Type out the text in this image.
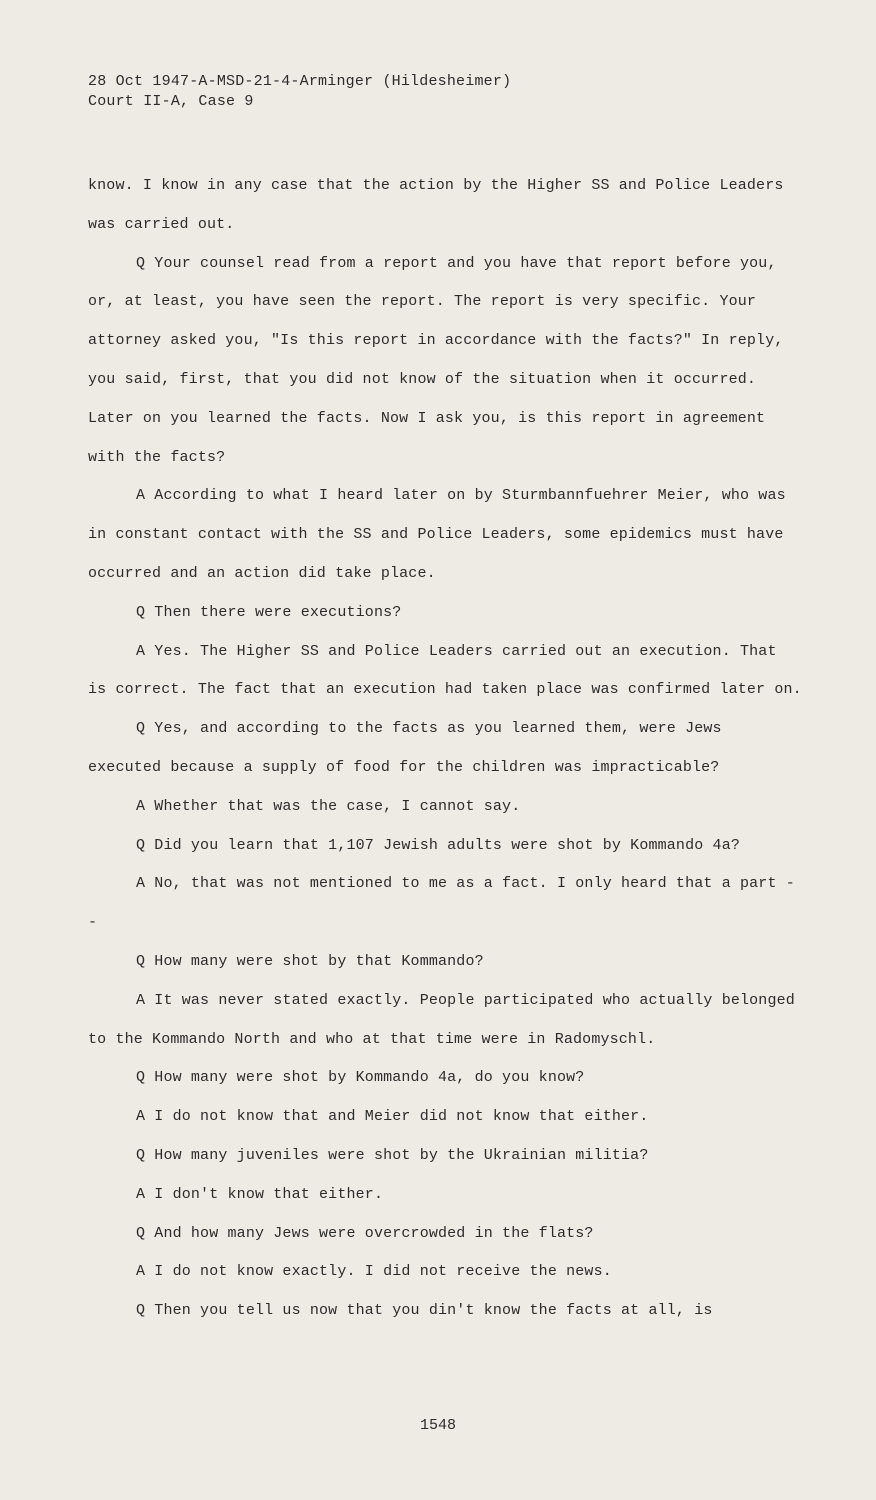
28 Oct 1947-A-MSD-21-4-Arminger (Hildesheimer)
Court II-A, Case 9

know. I know in any case that the action by the Higher SS and Police Leaders was carried out.

Q Your counsel read from a report and you have that report before you, or, at least, you have seen the report. The report is very specific. Your attorney asked you, "Is this report in accordance with the facts?" In reply, you said, first, that you did not know of the situation when it occurred. Later on you learned the facts. Now I ask you, is this report in agreement with the facts?

A According to what I heard later on by Sturmbannfuehrer Meier, who was in constant contact with the SS and Police Leaders, some epidemics must have occurred and an action did take place.

Q Then there were executions?

A Yes. The Higher SS and Police Leaders carried out an execution. That is correct. The fact that an execution had taken place was confirmed later on.

Q Yes, and according to the facts as you learned them, were Jews executed because a supply of food for the children was impracticable?

A Whether that was the case, I cannot say.

Q Did you learn that 1,107 Jewish adults were shot by Kommando 4a?

A No, that was not mentioned to me as a fact. I only heard that a part --

Q How many were shot by that Kommando?

A It was never stated exactly. People participated who actually belonged to the Kommando North and who at that time were in Radomyschl.

Q How many were shot by Kommando 4a, do you know?

A I do not know that and Meier did not know that either.

Q How many juveniles were shot by the Ukrainian militia?

A I don't know that either.

Q And how many Jews were overcrowded in the flats?

A I do not know exactly. I did not receive the news.

Q Then you tell us now that you din't know the facts at all, is

1548
